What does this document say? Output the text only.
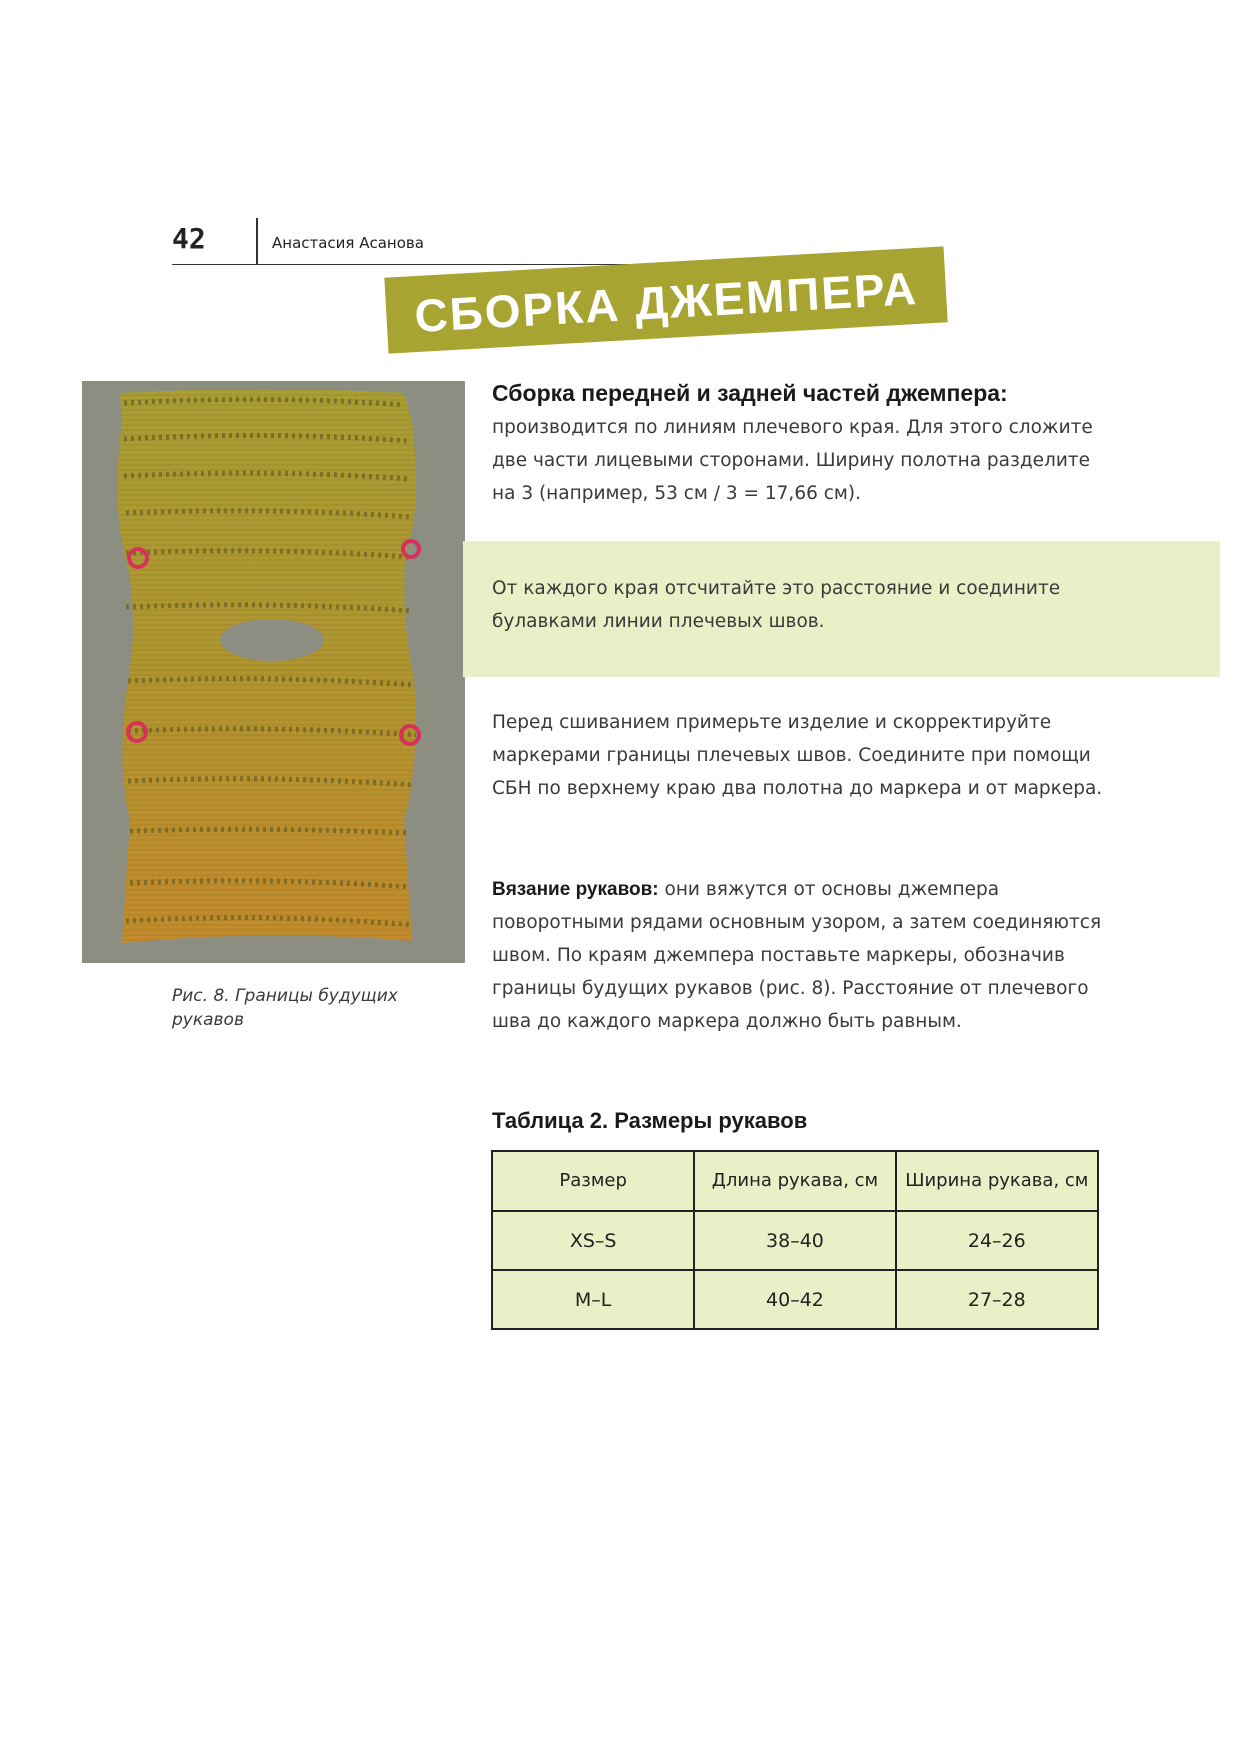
42	Анастасия Асанова
СБОРКА ДЖЕМПЕРА
Рис. 8. Границы будущих рукавов
Сборка передней и задней частей джемпера:
производится по линиям плечевого края. Для этого сложите две части лицевыми сторонами. Ширину полотна разделите на 3 (например, 53 см / 3 = 17,66 см).
От каждого края отсчитайте это расстояние и соедините булавками линии плечевых швов.
Перед сшиванием примерьте изделие и скорректируйте маркерами границы плечевых швов. Соедините при помощи СБН по верхнему краю два полотна до маркера и от маркера.
Вязание рукавов: они вяжутся от основы джемпера поворотными рядами основным узором, а затем соединяются швом. По краям джемпера поставьте маркеры, обозначив границы будущих рукавов (рис. 8). Расстояние от плечевого шва до каждого маркера должно быть равным.
Таблица 2. Размеры рукавов
Размер	Длина рукава, см	Ширина рукава, см
XS–S	38–40	24–26
M–L	40–42	27–28
